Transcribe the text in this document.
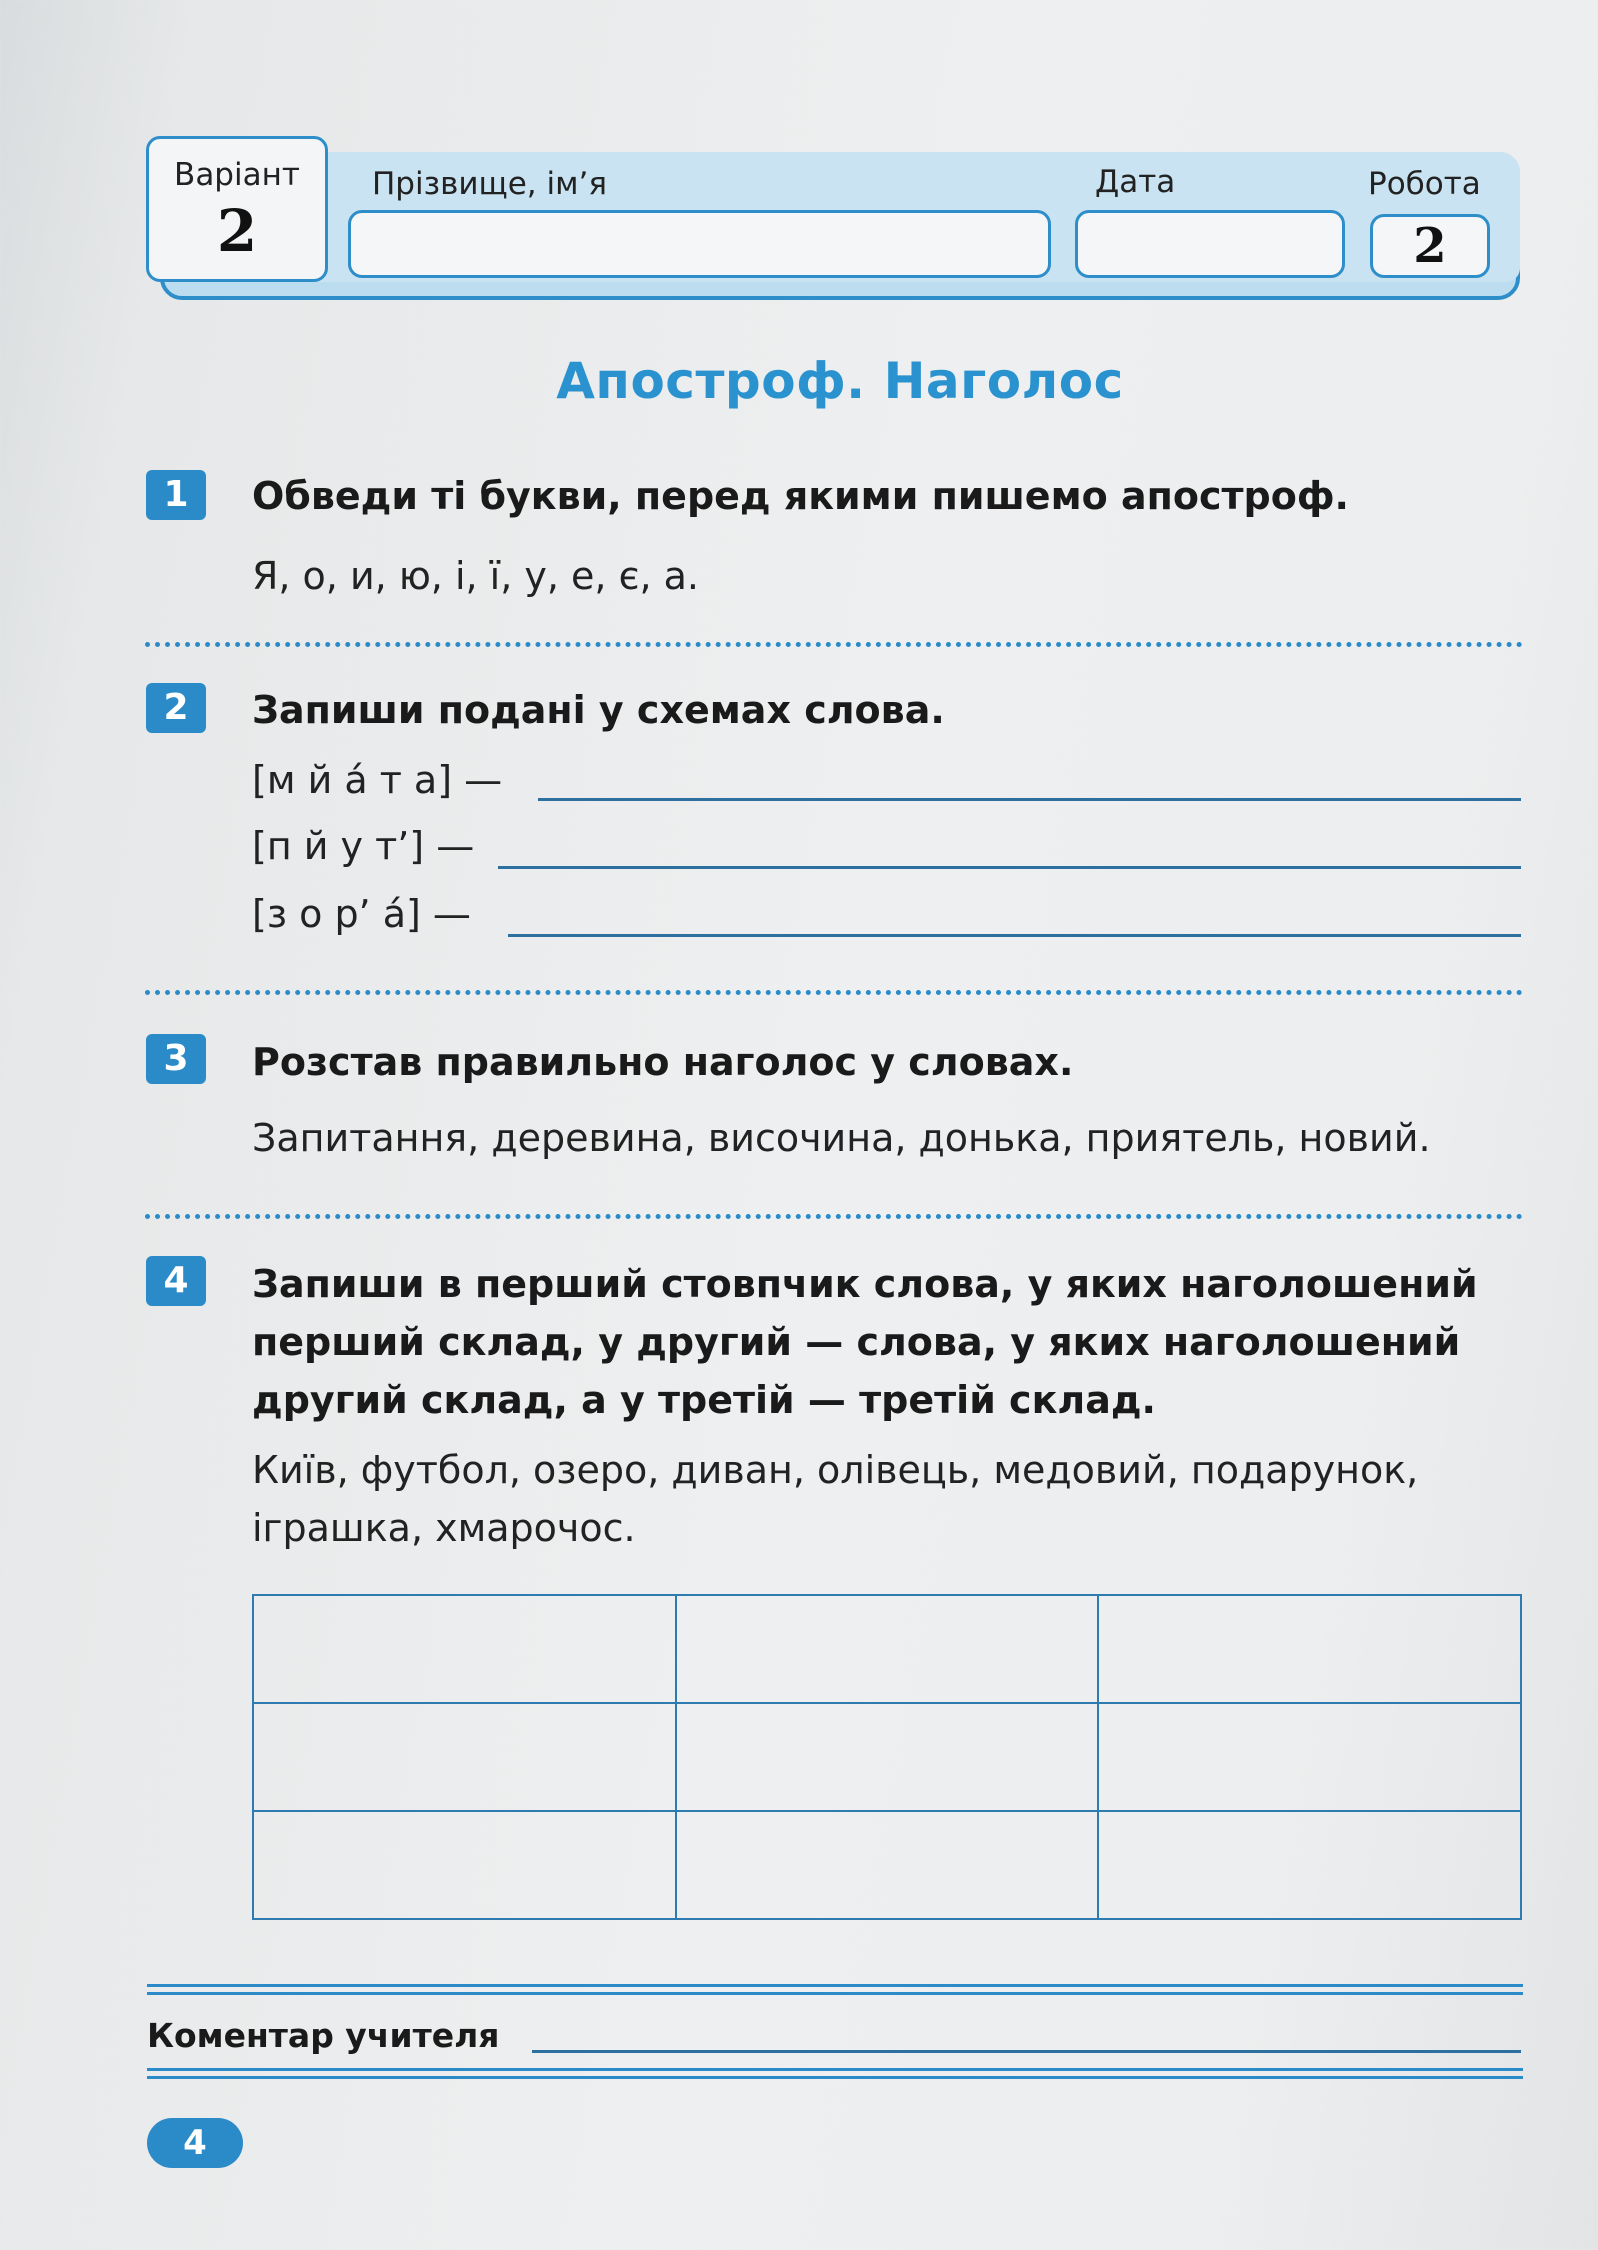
Варіант
2
Прізвище, ім’я	Дата	Робота
2
Апостроф. Наголос
1	Обведи ті букви, перед якими пишемо апостроф.
Я, о, и, ю, і, ї, у, е, є, а.
2	Запиши подані у схемах слова.
[м й а́ т а] —
[п й у т’] —
[з о р’ а́] —
3	Розстав правильно наголос у словах.
Запитання, деревина, височина, донька, приятель, новий.
4	Запиши в перший стовпчик слова, у яких наголошений
перший склад, у другий — слова, у яких наголошений
другий склад, а у третій — третій склад.
Київ, футбол, озеро, диван, олівець, медовий, подарунок,
іграшка, хмарочос.

Коментар учителя
4
